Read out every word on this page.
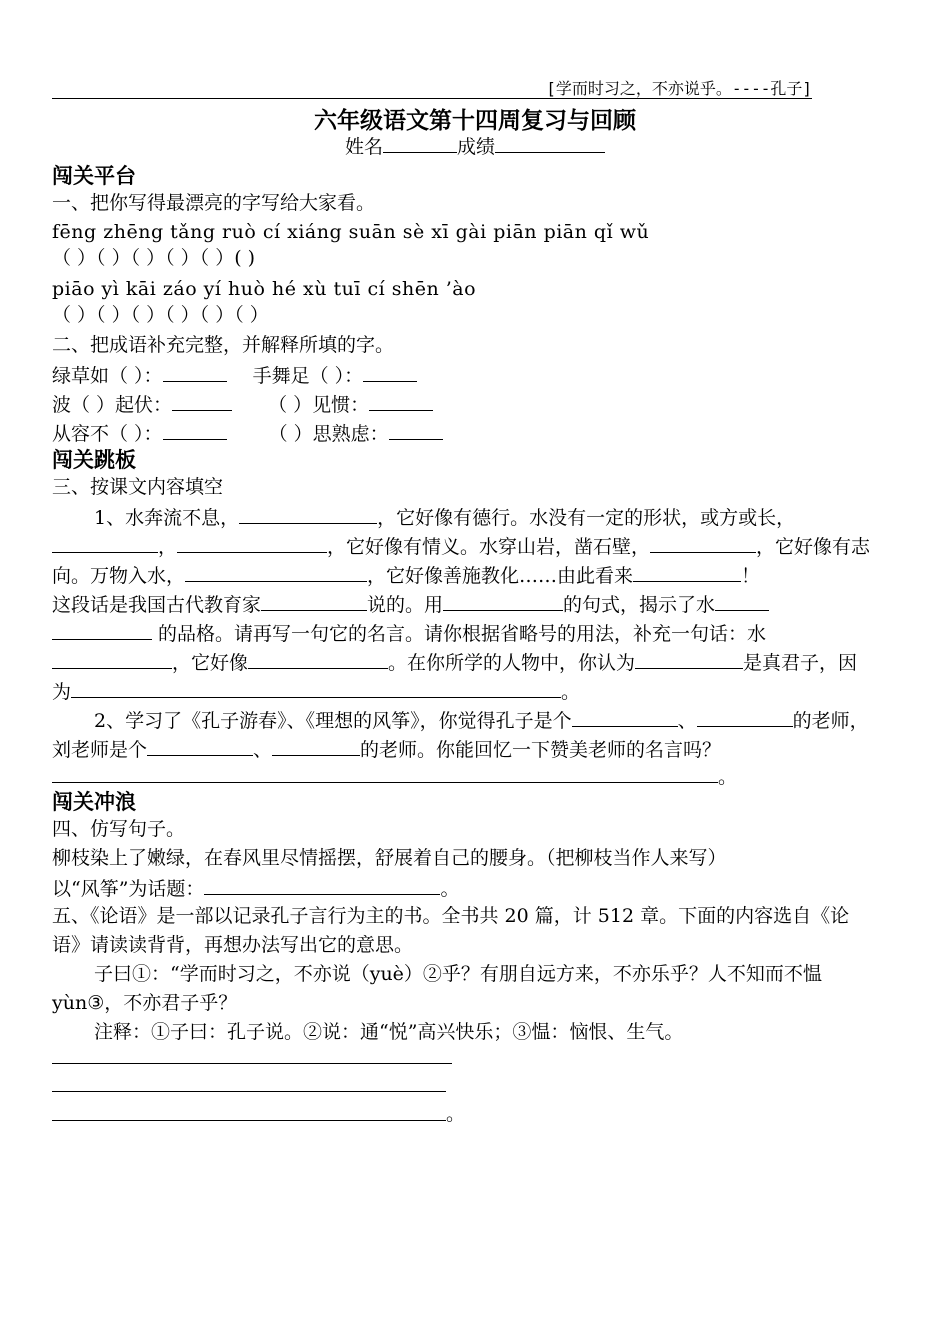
[学而时习之，不亦说乎。----孔子]
六年级语文第十四周复习与回顾
姓名	成绩
闯关平台
一、把你写得最漂亮的字写给大家看。
fēng zhēng tǎng ruò cí xiáng suān sè xī gài piān piān qǐ wǔ
（ ）（ ）（ ）（ ）（ ）( )
piāo yì kāi záo yí huò hé xù tuī cí shēn ’ào
（ ）（ ）（ ）（ ）（ ）（ ）
二、把成语补充完整，并解释所填的字。
绿草如（ ）：	手舞足（ ）：
波（ ）起伏：	（ ）见惯：
从容不（ ）：	（ ）思熟虑：
闯关跳板
三、按课文内容填空
1、水奔流不息，	，它好像有德行。水没有一定的形状，或方或长，
，	，它好像有情义。水穿山岩，凿石壁，	，它好像有志
向。万物入水，	，它好像善施教化……由此看来	！
这段话是我国古代教育家	说的。用	的句式，揭示了水
的品格。请再写一句它的名言。请你根据省略号的用法，补充一句话：水
，它好像	。在你所学的人物中，你认为	是真君子，因
为	。
2、学习了《孔子游春》、《理想的风筝》，你觉得孔子是个	、	的老师，
刘老师是个	、	的老师。你能回忆一下赞美老师的名言吗？
。
闯关冲浪
四、仿写句子。
柳枝染上了嫩绿，在春风里尽情摇摆，舒展着自己的腰身。（把柳枝当作人来写）
以“风筝”为话题：	。
五、《论语》是一部以记录孔子言行为主的书。全书共 20 篇，计 512 章。下面的内容选自《论
语》请读读背背，再想办法写出它的意思。
子曰①：“学而时习之，不亦说（yuè）②乎？有朋自远方来，不亦乐乎？人不知而不愠
yùn③，不亦君子乎？
注释：①子曰：孔子说。②说：通“悦”高兴快乐；③愠：恼恨、生气。
。
